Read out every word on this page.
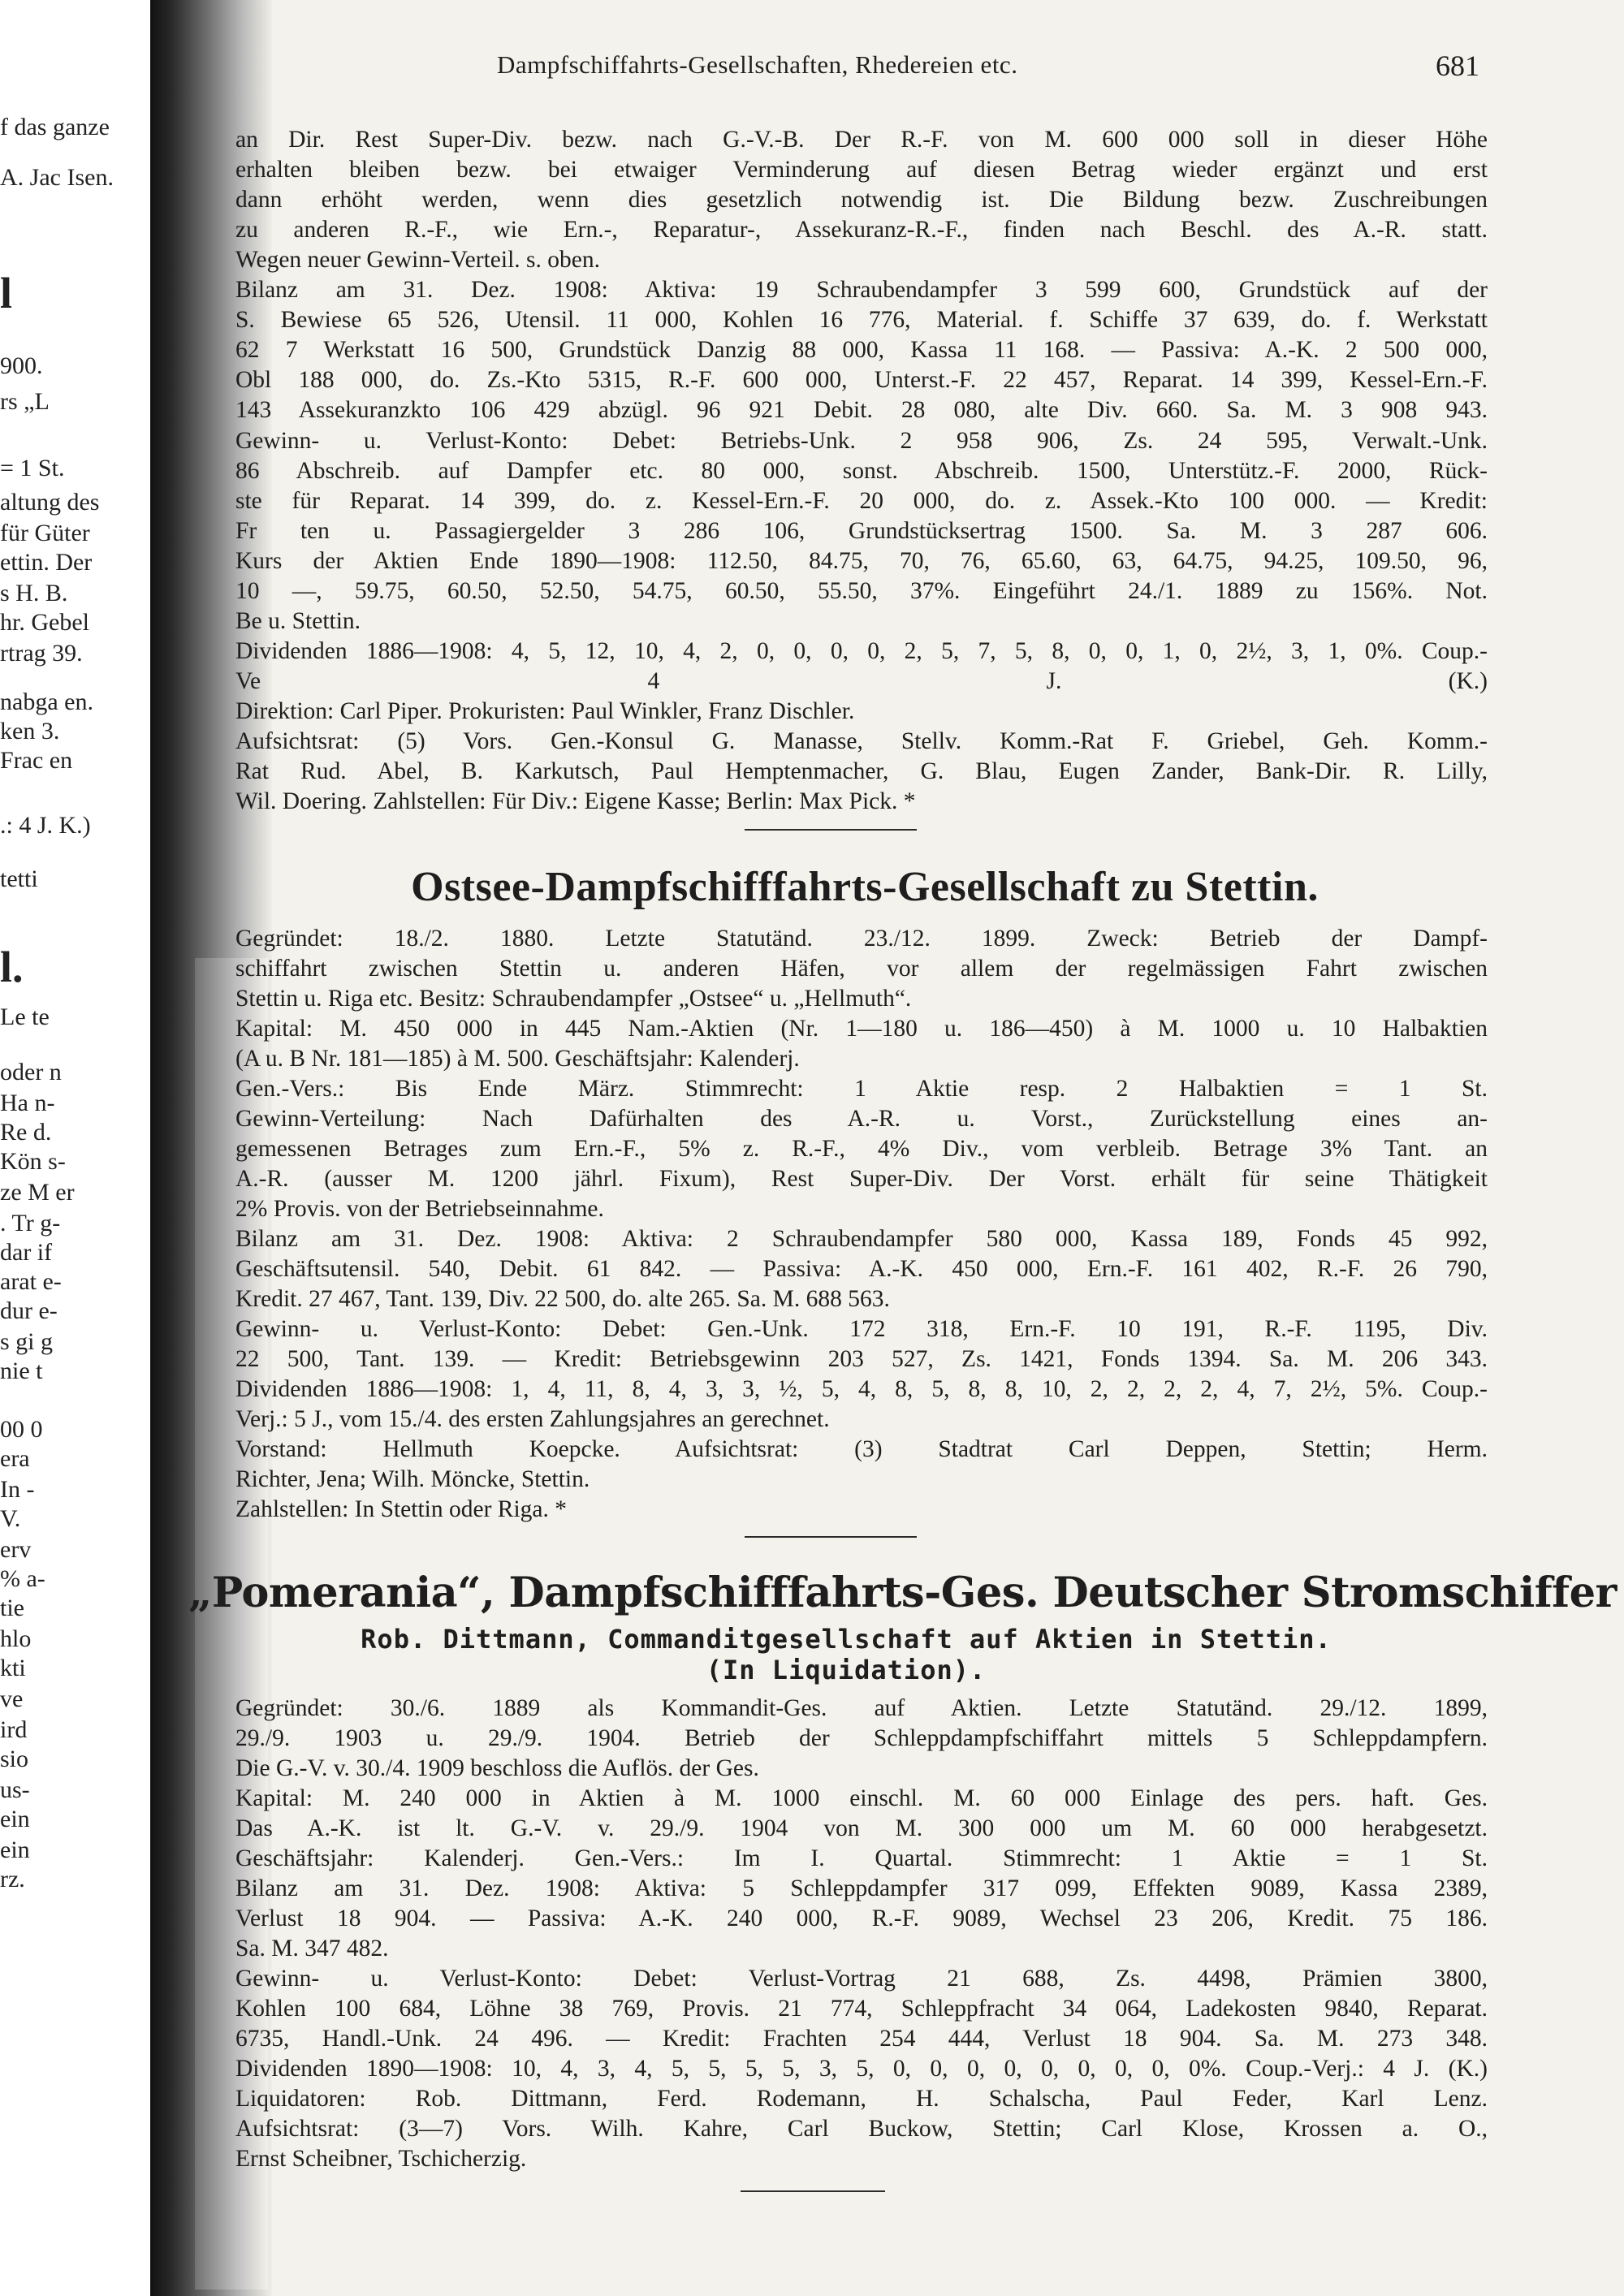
f das ganze
A. Jac Isen.
l
900.
rs „L
= 1 St.
altung des
für Güter
ettin. Der
s H. B.
hr. Gebel
rtrag 39.
nabga en.
ken 3.
Frac en
.: 4 J. K.)
tetti
l.
Le te
oder n
Ha n-
Re d.
Kön s-
ze M er
. Tr g-
dar if
arat e-
dur e-
s gi g
nie t
00 0
era
In -
V.
erv
% a-
tie
hlo
kti
ve
ird
sio
us-
ein
ein
rz.
Dampfschiffahrts-Gesellschaften, Rhedereien etc.	681
an Dir. Rest Super-Div. bezw. nach G.-V.-B. Der R.-F. von M. 600 000 soll in dieser Höhe
erhalten bleiben bezw. bei etwaiger Verminderung auf diesen Betrag wieder ergänzt und erst
dann erhöht werden, wenn dies gesetzlich notwendig ist. Die Bildung bezw. Zuschreibungen
zu anderen R.-F., wie Ern.-, Reparatur-, Assekuranz-R.-F., finden nach Beschl. des A.-R. statt.
Wegen neuer Gewinn-Verteil. s. oben.
Bilanz am 31. Dez. 1908: Aktiva: 19 Schraubendampfer 3 599 600, Grundstück auf der
S. Bewiese 65 526, Utensil. 11 000, Kohlen 16 776, Material. f. Schiffe 37 639, do. f. Werkstatt
62 7 Werkstatt 16 500, Grundstück Danzig 88 000, Kassa 11 168. — Passiva: A.-K. 2 500 000,
Obl 188 000, do. Zs.-Kto 5315, R.-F. 600 000, Unterst.-F. 22 457, Reparat. 14 399, Kessel-Ern.-F.
143 Assekuranzkto 106 429 abzügl. 96 921 Debit. 28 080, alte Div. 660. Sa. M. 3 908 943.
Gewinn- u. Verlust-Konto: Debet: Betriebs-Unk. 2 958 906, Zs. 24 595, Verwalt.-Unk.
86 Abschreib. auf Dampfer etc. 80 000, sonst. Abschreib. 1500, Unterstütz.-F. 2000, Rück-
ste für Reparat. 14 399, do. z. Kessel-Ern.-F. 20 000, do. z. Assek.-Kto 100 000. — Kredit:
Fr ten u. Passagiergelder 3 286 106, Grundstücksertrag 1500. Sa. M. 3 287 606.
Kurs der Aktien Ende 1890—1908: 112.50, 84.75, 70, 76, 65.60, 63, 64.75, 94.25, 109.50, 96,
10 —, 59.75, 60.50, 52.50, 54.75, 60.50, 55.50, 37%. Eingeführt 24./1. 1889 zu 156%. Not.
Be u. Stettin.
Dividenden 1886—1908: 4, 5, 12, 10, 4, 2, 0, 0, 0, 0, 2, 5, 7, 5, 8, 0, 0, 1, 0, 2½, 3, 1, 0%. Coup.-
Ve 4 J. (K.)
Direktion: Carl Piper. Prokuristen: Paul Winkler, Franz Dischler.
Aufsichtsrat: (5) Vors. Gen.-Konsul G. Manasse, Stellv. Komm.-Rat F. Griebel, Geh. Komm.-
Rat Rud. Abel, B. Karkutsch, Paul Hemptenmacher, G. Blau, Eugen Zander, Bank-Dir. R. Lilly,
Wil. Doering. Zahlstellen: Für Div.: Eigene Kasse; Berlin: Max Pick. *
Ostsee-Dampfschifffahrts-Gesellschaft zu Stettin.
Gegründet: 18./2. 1880. Letzte Statutänd. 23./12. 1899. Zweck: Betrieb der Dampf-
schiffahrt zwischen Stettin u. anderen Häfen, vor allem der regelmässigen Fahrt zwischen
Stettin u. Riga etc. Besitz: Schraubendampfer „Ostsee“ u. „Hellmuth“.
Kapital: M. 450 000 in 445 Nam.-Aktien (Nr. 1—180 u. 186—450) à M. 1000 u. 10 Halbaktien
(A u. B Nr. 181—185) à M. 500. Geschäftsjahr: Kalenderj.
Gen.-Vers.: Bis Ende März. Stimmrecht: 1 Aktie resp. 2 Halbaktien = 1 St.
Gewinn-Verteilung: Nach Dafürhalten des A.-R. u. Vorst., Zurückstellung eines an-
gemessenen Betrages zum Ern.-F., 5% z. R.-F., 4% Div., vom verbleib. Betrage 3% Tant. an
A.-R. (ausser M. 1200 jährl. Fixum), Rest Super-Div. Der Vorst. erhält für seine Thätigkeit
2% Provis. von der Betriebseinnahme.
Bilanz am 31. Dez. 1908: Aktiva: 2 Schraubendampfer 580 000, Kassa 189, Fonds 45 992,
Geschäftsutensil. 540, Debit. 61 842. — Passiva: A.-K. 450 000, Ern.-F. 161 402, R.-F. 26 790,
Kredit. 27 467, Tant. 139, Div. 22 500, do. alte 265. Sa. M. 688 563.
Gewinn- u. Verlust-Konto: Debet: Gen.-Unk. 172 318, Ern.-F. 10 191, R.-F. 1195, Div.
22 500, Tant. 139. — Kredit: Betriebsgewinn 203 527, Zs. 1421, Fonds 1394. Sa. M. 206 343.
Dividenden 1886—1908: 1, 4, 11, 8, 4, 3, 3, ½, 5, 4, 8, 5, 8, 8, 10, 2, 2, 2, 2, 4, 7, 2½, 5%. Coup.-
Verj.: 5 J., vom 15./4. des ersten Zahlungsjahres an gerechnet.
Vorstand: Hellmuth Koepcke. Aufsichtsrat: (3) Stadtrat Carl Deppen, Stettin; Herm.
Richter, Jena; Wilh. Möncke, Stettin.
Zahlstellen: In Stettin oder Riga. *
„Pomerania“, Dampfschifffahrts-Ges. Deutscher Stromschiffer
Rob. Dittmann, Commanditgesellschaft auf Aktien in Stettin.
(In Liquidation).
Gegründet: 30./6. 1889 als Kommandit-Ges. auf Aktien. Letzte Statutänd. 29./12. 1899,
29./9. 1903 u. 29./9. 1904. Betrieb der Schleppdampfschiffahrt mittels 5 Schleppdampfern.
Die G.-V. v. 30./4. 1909 beschloss die Auflös. der Ges.
Kapital: M. 240 000 in Aktien à M. 1000 einschl. M. 60 000 Einlage des pers. haft. Ges.
Das A.-K. ist lt. G.-V. v. 29./9. 1904 von M. 300 000 um M. 60 000 herabgesetzt.
Geschäftsjahr: Kalenderj. Gen.-Vers.: Im I. Quartal. Stimmrecht: 1 Aktie = 1 St.
Bilanz am 31. Dez. 1908: Aktiva: 5 Schleppdampfer 317 099, Effekten 9089, Kassa 2389,
Verlust 18 904. — Passiva: A.-K. 240 000, R.-F. 9089, Wechsel 23 206, Kredit. 75 186.
Sa. M. 347 482.
Gewinn- u. Verlust-Konto: Debet: Verlust-Vortrag 21 688, Zs. 4498, Prämien 3800,
Kohlen 100 684, Löhne 38 769, Provis. 21 774, Schleppfracht 34 064, Ladekosten 9840, Reparat.
6735, Handl.-Unk. 24 496. — Kredit: Frachten 254 444, Verlust 18 904. Sa. M. 273 348.
Dividenden 1890—1908: 10, 4, 3, 4, 5, 5, 5, 5, 3, 5, 0, 0, 0, 0, 0, 0, 0, 0, 0%. Coup.-Verj.: 4 J. (K.)
Liquidatoren: Rob. Dittmann, Ferd. Rodemann, H. Schalscha, Paul Feder, Karl Lenz.
Aufsichtsrat: (3—7) Vors. Wilh. Kahre, Carl Buckow, Stettin; Carl Klose, Krossen a. O.,
Ernst Scheibner, Tschicherzig.
